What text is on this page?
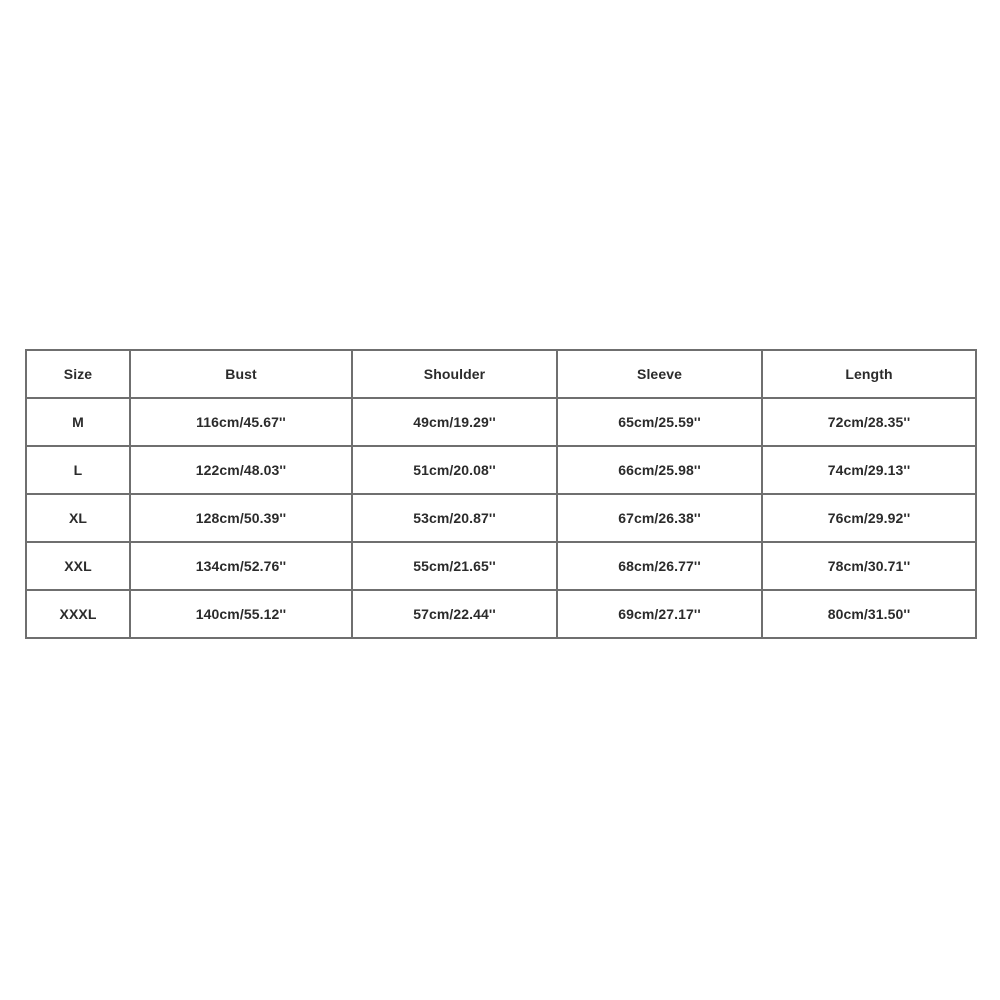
Size	Bust	Shoulder	Sleeve	Length
M	116cm/45.67''	49cm/19.29''	65cm/25.59''	72cm/28.35''
L	122cm/48.03''	51cm/20.08''	66cm/25.98''	74cm/29.13''
XL	128cm/50.39''	53cm/20.87''	67cm/26.38''	76cm/29.92''
XXL	134cm/52.76''	55cm/21.65''	68cm/26.77''	78cm/30.71''
XXXL	140cm/55.12''	57cm/22.44''	69cm/27.17''	80cm/31.50''
